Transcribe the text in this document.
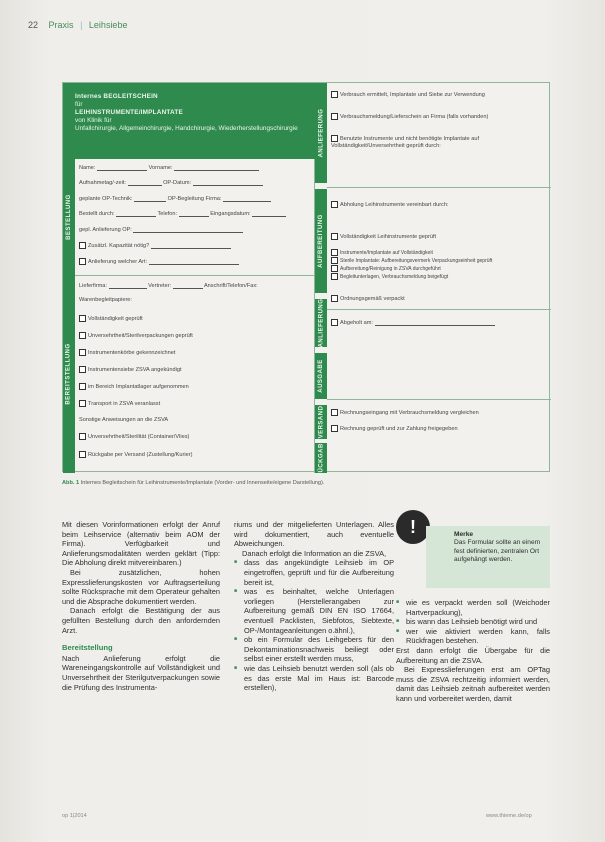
22 Praxis | Leihsiebe
Internes BEGLEITSCHEIN
für
LEIHINSTRUMENTE/IMPLANTATE
von Klinik für
Unfallchirurgie, Allgemeinchirurgie, Handchirurgie, Wiederherstellungschirurgie
BESTELLUNG
BEREITSTELLUNG
Name:	Vorname:
Aufnahmetag/-zeit:	OP-Datum:
geplante OP-Technik:	OP-Begleitung Firma:
Bestellt durch:	Telefon:	Eingangsdatum:
gepl. Anlieferung OP:
Zusätzl. Kapazität nötig?
Anlieferung welcher Art:
Lieferfirma:	Vertreter:	Anschrift/Telefon/Fax:
Warenbegleitpapiere:
Vollständigkeit geprüft
Unversehrtheit/Sterilverpackungen geprüft
Instrumentenkörbe gekennzeichnet
Instrumentensiebe ZSVA angekündigt
im Bereich Implantatlager aufgenommen
Transport in ZSVA veranlasst
Sonstige Anweisungen an die ZSVA
Unversehrtheit/Sterilität (Container/Vlies)
Rückgabe per Versand (Zustellung/Kurier)
ANLIEFERUNG
AUFBEREITUNG
ANLIEFERUNG
AUSGABE
VERSAND
RÜCKGABE
Verbrauch ermittelt, Implantate und Siebe zur Verwendung
Verbrauchsmeldung/Lieferschein an Firma (falls vorhanden)
Benutzte Instrumente und nicht benötigte Implantate auf Vollständigkeit/Unversehrtheit geprüft durch:
Abholung Leihinstrumente vereinbart durch:
Vollständigkeit Leihinstrumente geprüft
Instrumente/Implantate auf Vollständigkeit
Sterile Implantate: Aufbereitungsvermerk Verpackungseinheit geprüft
Aufbereitung/Reinigung in ZSVA durchgeführt
Begleitunterlagen, Verbrauchsmeldung beigefügt
Ordnungsgemäß verpackt
Abgeholt am:
Rechnungseingang mit Verbrauchsmeldung vergleichen
Rechnung geprüft und zur Zahlung freigegeben
Abb. 1 Internes Begleitschein für Leihinstrumente/Implantate (Vorder- und Innenseite/eigene Darstellung).

Mit diesen Vorinformationen erfolgt der Anruf beim Leihservice (alternativ beim AOM der Firma). Verfügbarkeit und Anlieferungsmodalitäten werden geklärt (Tipp: Die Abholung direkt mitvereinbaren.)

Bei zusätzlichen, hohen Expresslieferungskosten vor Auftragserteilung sollte Rücksprache mit dem Operateur gehalten und die Absprache dokumentiert werden.

Danach erfolgt die Bestätigung der aus gefüllten Bestellung durch den anfordernden Arzt.

Bereitstellung

Nach Anlieferung erfolgt die Wareneingangskontrolle auf Vollständigkeit und Unversehrtheit der Sterilgutverpackungen sowie die Prüfung des Instrumenta-

riums und der mitgelieferten Unterlagen. Alles wird dokumentiert, auch eventuelle Abweichungen.

Danach erfolgt die Information an die ZSVA,

■ dass das angekündigte Leihsieb im OP eingetroffen, geprüft und für die Aufbereitung bereit ist,
■ was es beinhaltet, welche Unterlagen vorliegen (Herstellerangaben zur Aufbereitung gemäß DIN EN ISO 17664, eventuell Packlisten, Siebfotos, Siebtexte, OP-/Montageanleitungen o.ähnl.),
■ ob ein Formular des Leihgebers für den Dekontaminationsnachweis beiliegt oder selbst einer erstellt werden muss,
■ wie das Leihsieb benutzt werden soll (als ob es das erste Mal im Haus ist: Barcode erstellen),
!	Merke
Das Formular sollte an einem fest definierten, zentralen Ort aufgehängt werden.
■ wie es verpackt werden soll (Weichoder Hartverpackung),
■ bis wann das Leihsieb benötigt wird und
■ wer wie aktiviert werden kann, falls Rückfragen bestehen.

Erst dann erfolgt die Übergabe für die Aufbereitung an die ZSVA.

Bei Expresslieferungen erst am OPTag muss die ZSVA rechtzeitig informiert werden, damit das Leihsieb zeitnah aufbereitet werden kann und vorbereitet werden, damit

op 1|2014	www.thieme.de/op
